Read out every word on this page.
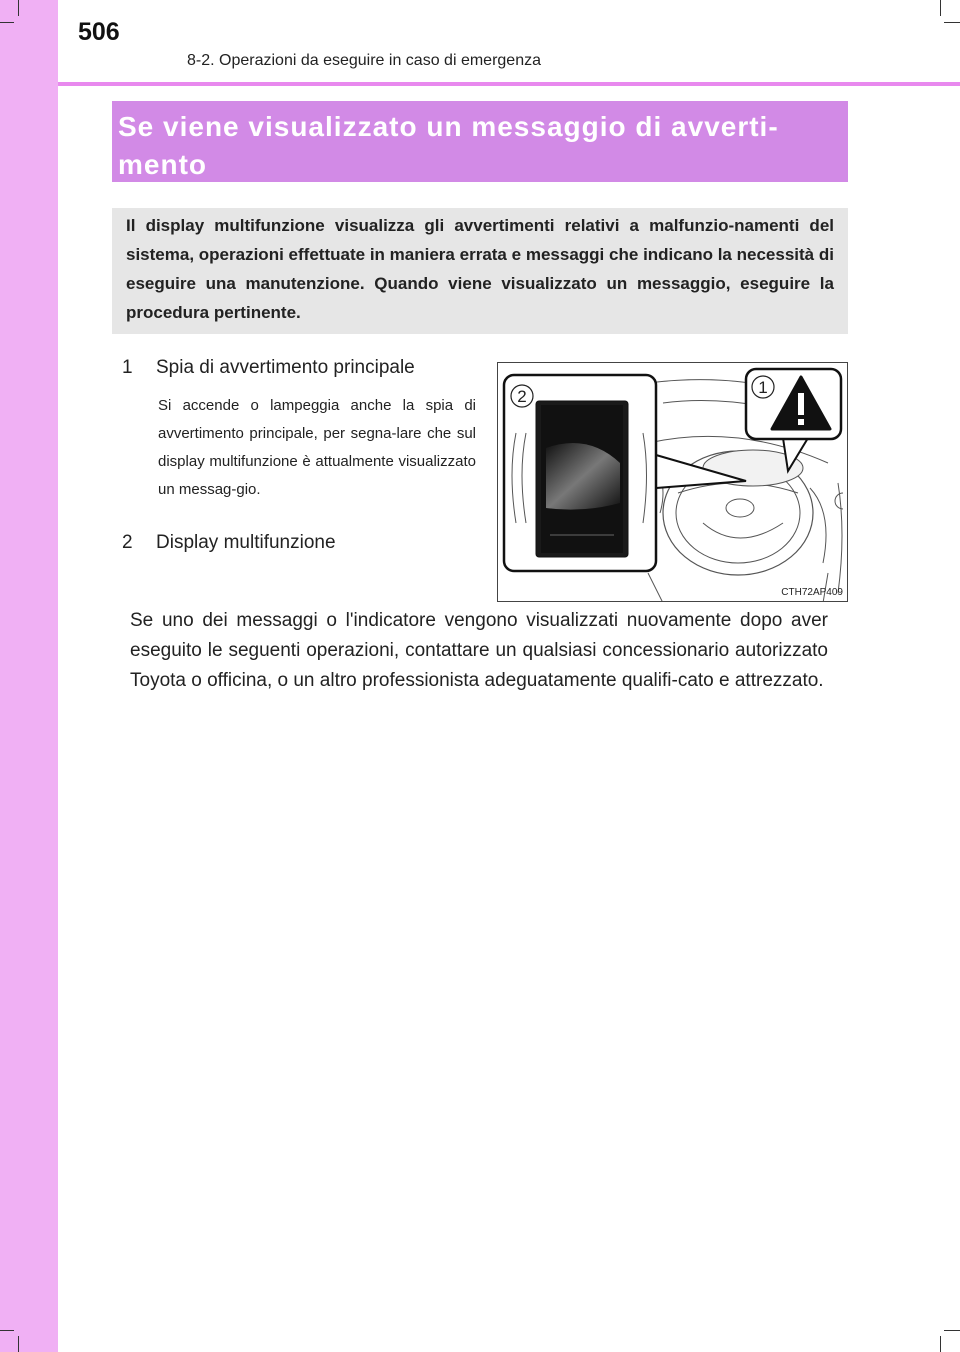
506
8-2. Operazioni da eseguire in caso di emergenza
Se viene visualizzato un messaggio di avverti-mento
Il display multifunzione visualizza gli avvertimenti relativi a malfunzio-namenti del sistema, operazioni effettuate in maniera errata e messaggi che indicano la necessità di eseguire una manutenzione. Quando viene visualizzato un messaggio, eseguire la procedura pertinente.
1 Spia di avvertimento principale
Si accende o lampeggia anche la spia di avvertimento principale, per segna-lare che sul display multifunzione è attualmente visualizzato un messag-gio.
2 Display multifunzione
2	1
CTH72AP409
Se uno dei messaggi o l'indicatore vengono visualizzati nuovamente dopo aver eseguito le seguenti operazioni, contattare un qualsiasi concessionario autorizzato Toyota o officina, o un altro professionista adeguatamente qualifi-cato e attrezzato.
